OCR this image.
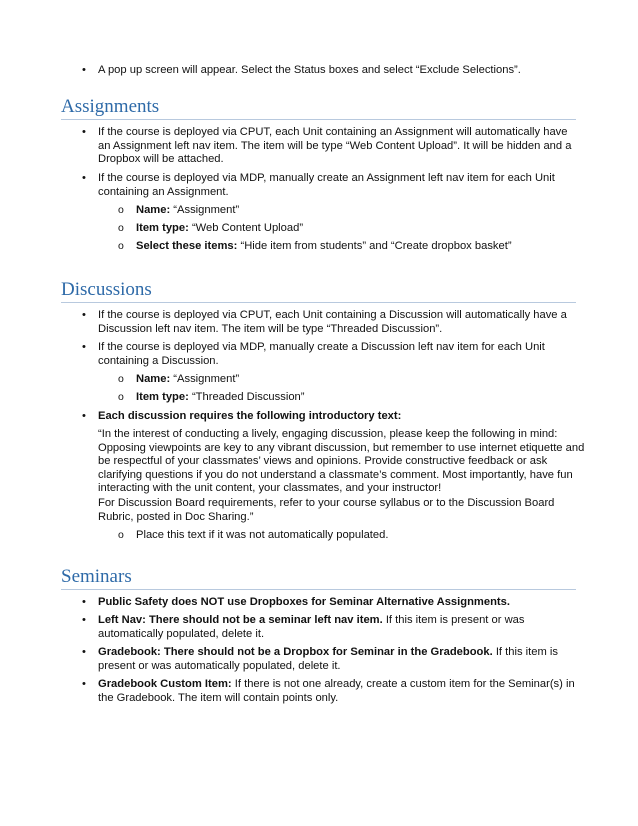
• A pop up screen will appear. Select the Status boxes and select “Exclude Selections”.
Assignments
• If the course is deployed via CPUT, each Unit containing an Assignment will automatically have an Assignment left nav item. The item will be type “Web Content Upload”. It will be hidden and a Dropbox will be attached.
• If the course is deployed via MDP, manually create an Assignment left nav item for each Unit containing an Assignment.
o Name: “Assignment”
o Item type: “Web Content Upload”
o Select these items: “Hide item from students” and “Create dropbox basket”
Discussions
• If the course is deployed via CPUT, each Unit containing a Discussion will automatically have a Discussion left nav item. The item will be type “Threaded Discussion”.
• If the course is deployed via MDP, manually create a Discussion left nav item for each Unit containing a Discussion.
o Name: “Assignment”
o Item type: “Threaded Discussion”
• Each discussion requires the following introductory text:
“In the interest of conducting a lively, engaging discussion, please keep the following in mind: Opposing viewpoints are key to any vibrant discussion, but remember to use internet etiquette and be respectful of your classmates’ views and opinions. Provide constructive feedback or ask clarifying questions if you do not understand a classmate’s comment. Most importantly, have fun interacting with the unit content, your classmates, and your instructor!
For Discussion Board requirements, refer to your course syllabus or to the Discussion Board Rubric, posted in Doc Sharing.”
o Place this text if it was not automatically populated.
Seminars
• Public Safety does NOT use Dropboxes for Seminar Alternative Assignments.
• Left Nav: There should not be a seminar left nav item. If this item is present or was automatically populated, delete it.
• Gradebook: There should not be a Dropbox for Seminar in the Gradebook. If this item is present or was automatically populated, delete it.
• Gradebook Custom Item: If there is not one already, create a custom item for the Seminar(s) in the Gradebook. The item will contain points only.
